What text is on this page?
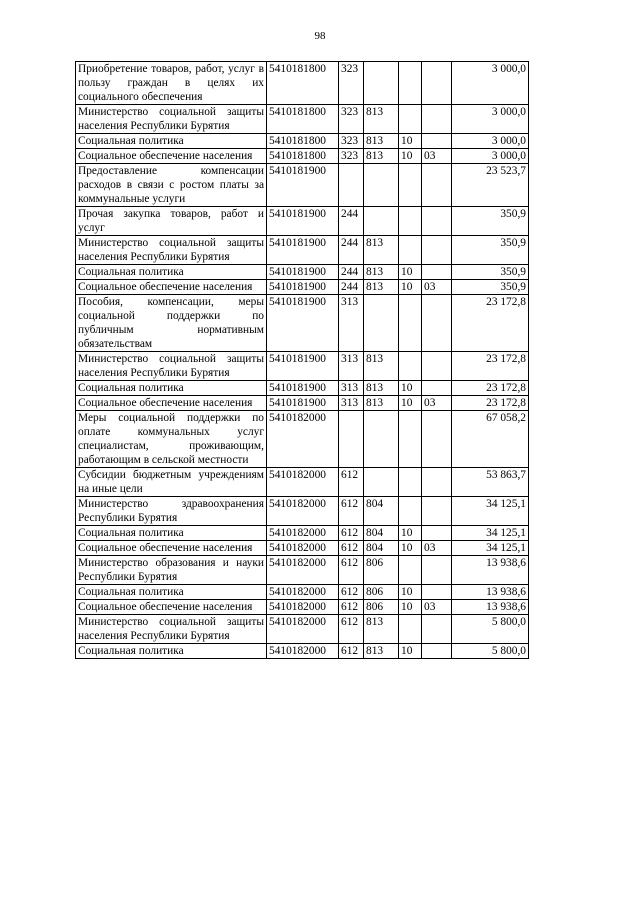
98
Приобретение товаров, работ, услуг в пользу граждан в целях их социального обеспечения	5410181800	323				3 000,0
Министерство социальной защиты населения Республики Бурятия	5410181800	323	813			3 000,0
Социальная политика	5410181800	323	813	10		3 000,0
Социальное обеспечение населения	5410181800	323	813	10	03	3 000,0
Предоставление компенсации расходов в связи с ростом платы за коммунальные услуги	5410181900					23 523,7
Прочая закупка товаров, работ и услуг	5410181900	244				350,9
Министерство социальной защиты населения Республики Бурятия	5410181900	244	813			350,9
Социальная политика	5410181900	244	813	10		350,9
Социальное обеспечение населения	5410181900	244	813	10	03	350,9
Пособия, компенсации, меры социальной поддержки по публичным нормативным обязательствам	5410181900	313				23 172,8
Министерство социальной защиты населения Республики Бурятия	5410181900	313	813			23 172,8
Социальная политика	5410181900	313	813	10		23 172,8
Социальное обеспечение населения	5410181900	313	813	10	03	23 172,8
Меры социальной поддержки по оплате коммунальных услуг специалистам, проживающим, работающим в сельской местности	5410182000					67 058,2
Субсидии бюджетным учреждениям на иные цели	5410182000	612				53 863,7
Министерство здравоохранения Республики Бурятия	5410182000	612	804			34 125,1
Социальная политика	5410182000	612	804	10		34 125,1
Социальное обеспечение населения	5410182000	612	804	10	03	34 125,1
Министерство образования и науки Республики Бурятия	5410182000	612	806			13 938,6
Социальная политика	5410182000	612	806	10		13 938,6
Социальное обеспечение населения	5410182000	612	806	10	03	13 938,6
Министерство социальной защиты населения Республики Бурятия	5410182000	612	813			5 800,0
Социальная политика	5410182000	612	813	10		5 800,0
